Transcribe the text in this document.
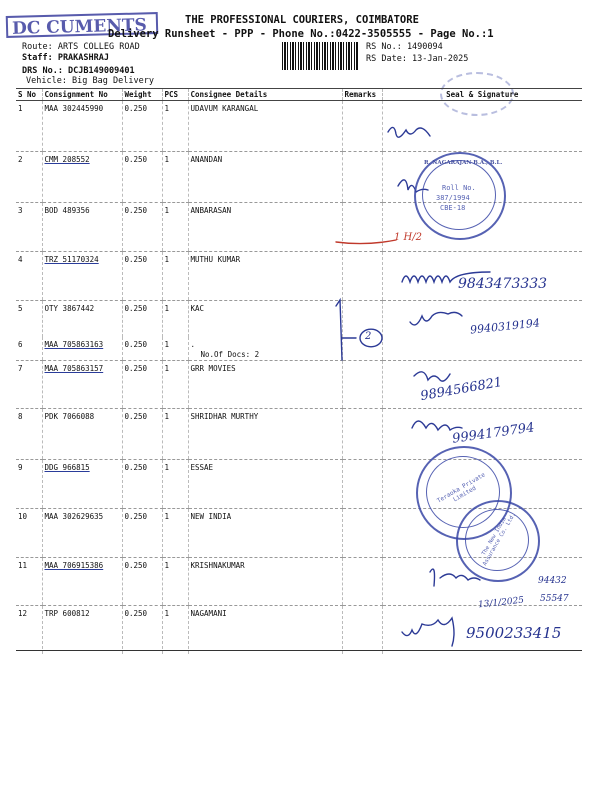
DC CUMENTS	THE PROFESSIONAL COURIERS, COIMBATORE
Delivery Runsheet - PPP - Phone No.:0422-3505555 - Page No.:1
Route: ARTS COLLEG ROAD
Staff: PRAKASHRAJ
DRS No.: DCJB149009401
Vehicle: Big Bag Delivery
RS No.: 1490094
RS Date: 13-Jan-2025
S No	Consignment No	Weight	PCS	Consignee Details	Remarks	Seal & Signature
1	MAA 302445990	0.250	1	UDAVUM KARANGAL		
2	CMM 208552	0.250	1	ANANDAN		
3	BOD 489356	0.250	1	ANBARASAN		
4	TRZ 51170324	0.250	1	MUTHU KUMAR		
5	OTY 3867442	0.250	1	KAC		
6	MAA 705863163	0.250	1	.
No.Of Docs: 2		

7	MAA 705863157	0.250	1	GRR MOVIES		
8	PDK 7066088	0.250	1	SHRIDHAR MURTHY		
9	DDG 966815	0.250	1	ESSAE		
10	MAA 302629635	0.250	1	NEW INDIA		
11	MAA 706915386	0.250	1	KRISHNAKUMAR		
12	TRP 600812	0.250	1	NAGAMANI		
2
1 H/2
9843473333
9940319194
9894566821
9994179794
94432
55547
13/1/2025
9500233415
R. NAGARAJAN B.A., B.L.
Roll No.
387/1994
CBE-18
Teraoka Private Limited
The New India Assurance Co. Ltd.
